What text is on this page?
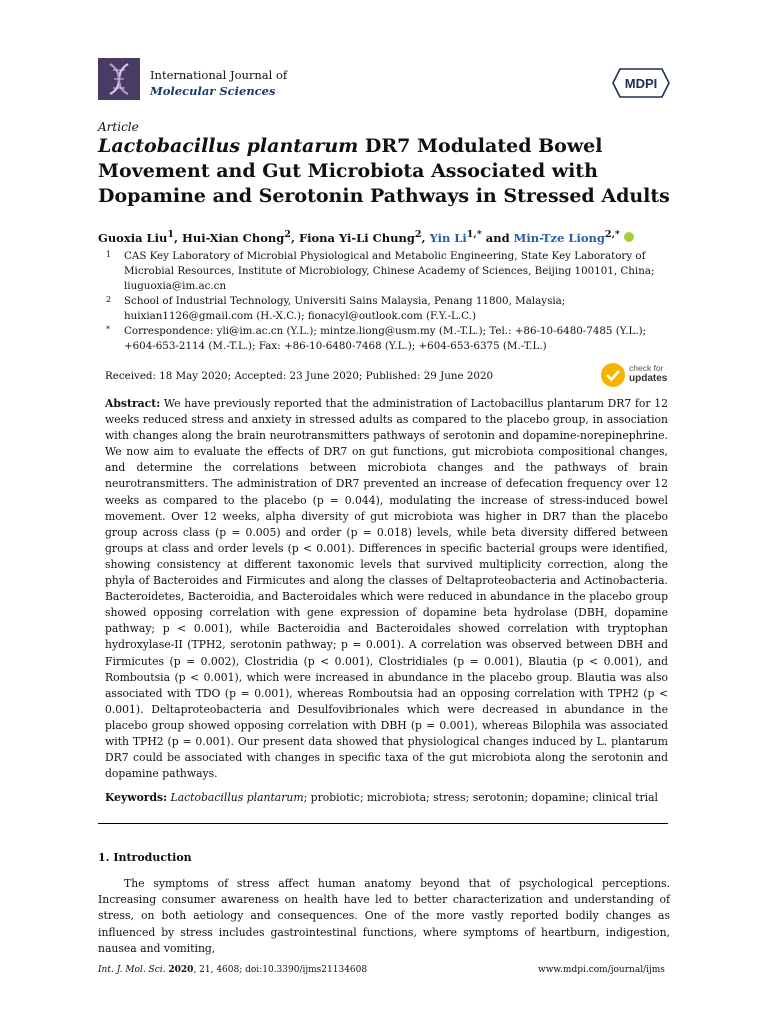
International Journal of
Molecular Sciences	MDPI
Article
Lactobacillus plantarum DR7 Modulated Bowel Movement and Gut Microbiota Associated with Dopamine and Serotonin Pathways in Stressed Adults
Guoxia Liu$^1$, Hui-Xian Chong$^2$, Fiona Yi-Li Chung$^2$, Yin $Li^{1,*}$ and Min-Tze Liong$^{2,*}$
1 CAS Key Laboratory of Microbial Physiological and Metabolic Engineering, State Key Laboratory of
Microbial Resources, Institute of Microbiology, Chinese Academy of Sciences, Beijing 100101, China;
liuguoxia@im.ac.cn
2 School of Industrial Technology, Universiti Sains Malaysia, Penang 11800, Malaysia;
huixian1126@gmail.com (H.-X.C.); fionacyl@outlook.com (F.Y.-L.C.)
* Correspondence: yli@im.ac.cn (Y.L.); mintze.liong@usm.my (M.-T.L.); Tel.: +86-10-6480-7485 (Y.L.);
+604-653-2114 (M.-T.L.); Fax: +86-10-6480-7468 (Y.L.); +604-653-6375 (M.-T.L.)
Received: 18 May 2020; Accepted: 23 June 2020; Published: 29 June 2020
check for
updates
Abstract: We have previously reported that the administration of Lactobacillus plantarum DR7 for 12 weeks reduced stress and anxiety in stressed adults as compared to the placebo group, in association with changes along the brain neurotransmitters pathways of serotonin and dopamine-norepinephrine. We now aim to evaluate the effects of DR7 on gut functions, gut microbiota compositional changes, and determine the correlations between microbiota changes and the pathways of brain neurotransmitters. The administration of DR7 prevented an increase of defecation frequency over 12 weeks as compared to the placebo (p = 0.044), modulating the increase of stress-induced bowel movement. Over 12 weeks, alpha diversity of gut microbiota was higher in DR7 than the placebo group across class (p = 0.005) and order (p = 0.018) levels, while beta diversity differed between groups at class and order levels (p < 0.001). Differences in specific bacterial groups were identified, showing consistency at different taxonomic levels that survived multiplicity correction, along the phyla of Bacteroides and Firmicutes and along the classes of Deltaproteobacteria and Actinobacteria. Bacteroidetes, Bacteroidia, and Bacteroidales which were reduced in abundance in the placebo group showed opposing correlation with gene expression of dopamine beta hydrolase (DBH, dopamine pathway; p < 0.001), while Bacteroidia and Bacteroidales showed correlation with tryptophan hydroxylase-II (TPH2, serotonin pathway; p = 0.001). A correlation was observed between DBH and Firmicutes (p = 0.002), Clostridia (p < 0.001), Clostridiales (p = 0.001), Blautia (p < 0.001), and Romboutsia (p < 0.001), which were increased in abundance in the placebo group. Blautia was also associated with TDO (p = 0.001), whereas Romboutsia had an opposing correlation with TPH2 (p < 0.001). Deltaproteobacteria and Desulfovibrionales which were decreased in abundance in the placebo group showed opposing correlation with DBH (p = 0.001), whereas Bilophila was associated with TPH2 (p = 0.001). Our present data showed that physiological changes induced by L. plantarum DR7 could be associated with changes in specific taxa of the gut microbiota along the serotonin and dopamine pathways.
Keywords: Lactobacillus plantarum; probiotic; microbiota; stress; serotonin; dopamine; clinical trial
1. Introduction
The symptoms of stress affect human anatomy beyond that of psychological perceptions. Increasing consumer awareness on health have led to better characterization and understanding of stress, on both aetiology and consequences. One of the more vastly reported bodily changes as influenced by stress includes gastrointestinal functions, where symptoms of heartburn, indigestion, nausea and vomiting,
Int. J. Mol. Sci. 2020, 21, 4608; doi:10.3390/ijms21134608	www.mdpi.com/journal/ijms
